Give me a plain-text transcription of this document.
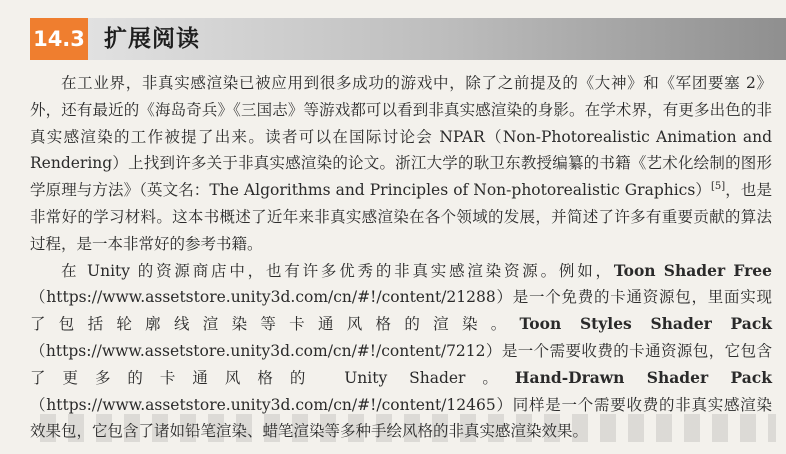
14.3 扩展阅读

在工业界，非真实感渲染已被应用到很多成功的游戏中，除了之前提及的《大神》和《军团要塞 2》外，还有最近的《海岛奇兵》《三国志》等游戏都可以看到非真实感渲染的身影。在学术界，有更多出色的非真实感渲染的工作被提了出来。读者可以在国际讨论会 NPAR（Non-Photorealistic Animation and Rendering）上找到许多关于非真实感渲染的论文。浙江大学的耿卫东教授编纂的书籍《艺术化绘制的图形学原理与方法》（英文名：The Algorithms and Principles of Non-photorealistic Graphics）[5]，也是非常好的学习材料。这本书概述了近年来非真实感渲染在各个领域的发展，并简述了许多有重要贡献的算法过程，是一本非常好的参考书籍。

在 Unity 的资源商店中，也有许多优秀的非真实感渲染资源。例如，Toon Shader Free（https://www.assetstore.unity3d.com/cn/#!/content/21288）是一个免费的卡通资源包，里面实现了包括轮廓线渲染等卡通风格的渲染。Toon Styles Shader Pack（https://www.assetstore.unity3d.com/cn/#!/content/7212）是一个需要收费的卡通资源包，它包含了更多的卡通风格的 Unity Shader。Hand-Drawn Shader Pack（https://www.assetstore.unity3d.com/cn/#!/content/12465）同样是一个需要收费的非真实感渲染效果包，它包含了诸如铅笔渲染、蜡笔渲染等多种手绘风格的非真实感渲染效果。
